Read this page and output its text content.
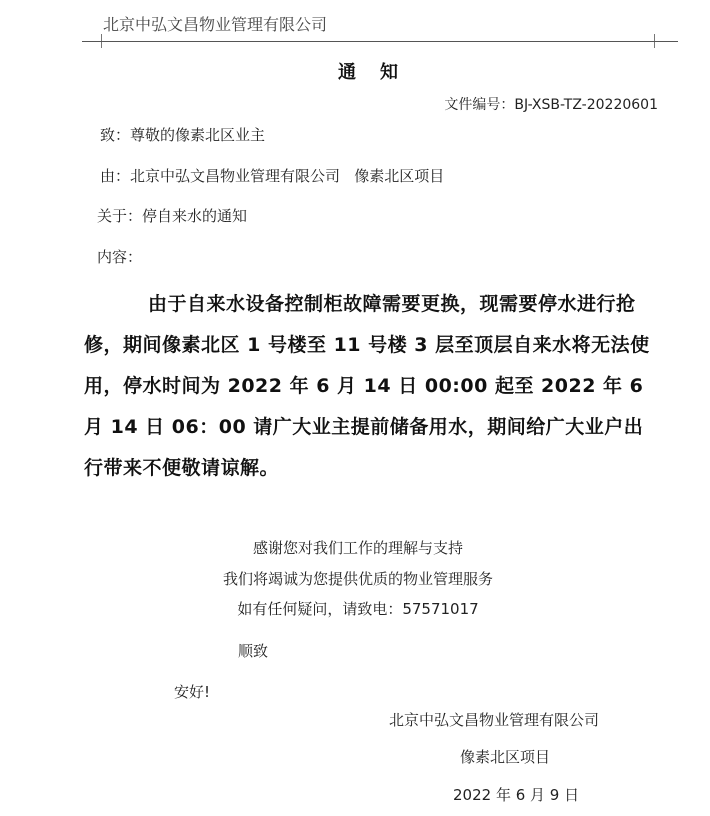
北京中弘文昌物业管理有限公司
通知
文件编号：BJ-XSB-TZ-20220601
致：尊敬的像素北区业主
由：北京中弘文昌物业管理有限公司   像素北区项目
关于：停自来水的通知
内容：
由于自来水设备控制柜故障需要更换，现需要停水进行抢修，期间像素北区 1 号楼至 11 号楼 3 层至顶层自来水将无法使用，停水时间为 2022 年 6 月 14 日 00:00 起至 2022 年 6 月 14 日 06：00 请广大业主提前储备用水，期间给广大业户出行带来不便敬请谅解。
感谢您对我们工作的理解与支持
我们将竭诚为您提供优质的物业管理服务
如有任何疑问，请致电：57571017
顺致
安好!
北京中弘文昌物业管理有限公司
像素北区项目
2022 年 6 月 9 日
